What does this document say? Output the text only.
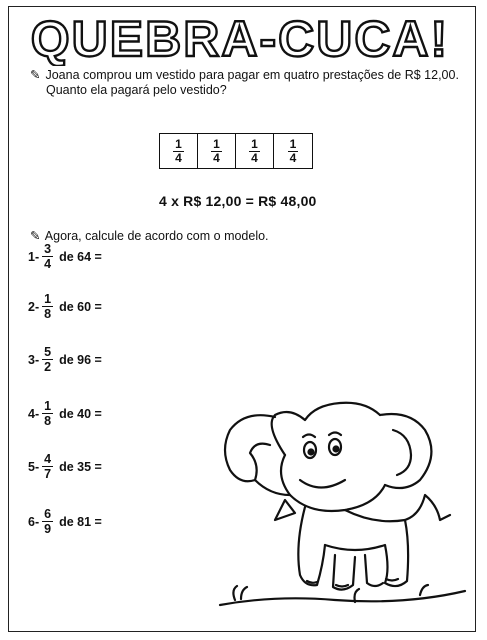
QUEBRA-CUCA!
✎ Joana comprou um vestido para pagar em quatro prestações de R$ 12,00.
Quanto ela pagará pelo vestido?
$\frac{1}{4} \frac{1}{4} \frac{1}{4} \frac{1}{4}$
4 x R$ 12,00 = R$ 48,00
✎ Agora, calcule de acordo com o modelo.
$1- \frac{3}{4}$ de 64 =
$2- \frac{1}{8}$ de 60 =
$3- \frac{5}{2}$ de 96 =
$4- \frac{1}{8}$ de 40 =
$5- \frac{4}{7}$ de 35 =
$6- \frac{6}{9}$ de 81 =
